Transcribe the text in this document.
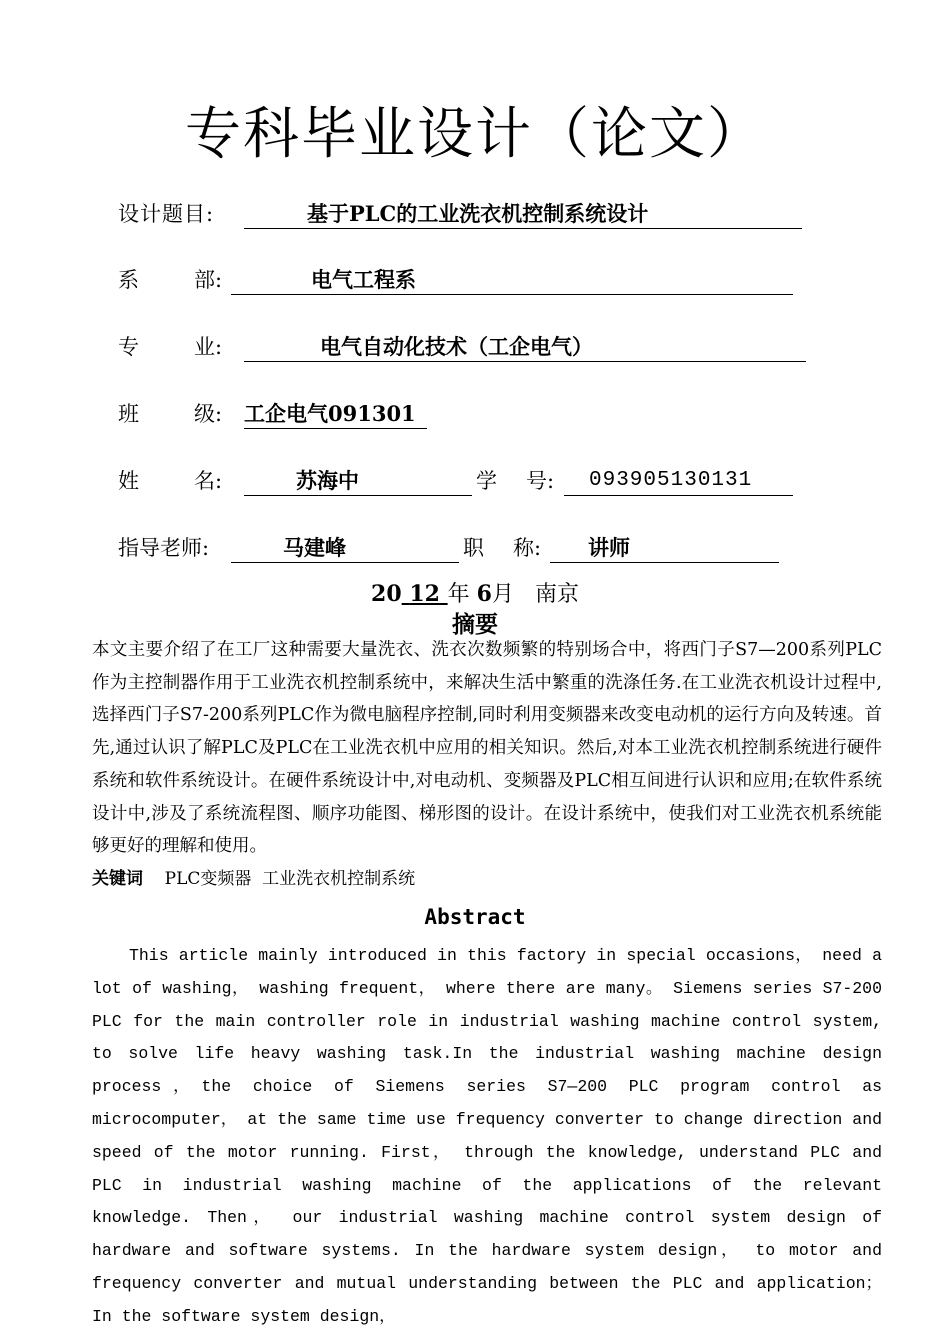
专科毕业设计（论文）
设计题目:	基于PLC的工业洗衣机控制系统设计
系	部:	电气工程系
专	业:	电气自动化技术（工企电气）
班	级: 工企电气091301
姓	名:	苏海中	学 号: 093905130131
指导老师:	马建峰	职 称: 讲师
20 12 年 6月 南京
摘要
本文主要介绍了在工厂这种需要大量洗衣、洗衣次数频繁的特别场合中，将西门子S7—200系列PLC作为主控制器作用于工业洗衣机控制系统中，来解决生活中繁重的洗涤任务.在工业洗衣机设计过程中,选择西门子S7-200系列PLC作为微电脑程序控制,同时利用变频器来改变电动机的运行方向及转速。首先,通过认识了解PLC及PLC在工业洗衣机中应用的相关知识。然后,对本工业洗衣机控制系统进行硬件系统和软件系统设计。在硬件系统设计中,对电动机、变频器及PLC相互间进行认识和应用;在软件系统设计中,涉及了系统流程图、顺序功能图、梯形图的设计。在设计系统中，使我们对工业洗衣机系统能够更好的理解和使用。
关键词 PLC变频器  工业洗衣机控制系统
Abstract
This article mainly introduced in this factory in special occasions， need a lot of washing， washing frequent， where there are many。 Siemens series S7-200 PLC for the main controller role in industrial washing machine control system, to solve life heavy washing task.In the industrial washing machine design process，the choice of Siemens series S7—200 PLC program control as microcomputer， at the same time use frequency converter to change direction and speed of the motor running. First， through the knowledge, understand PLC and PLC in industrial washing machine of the applications of the relevant knowledge. Then， our industrial washing machine control system design of hardware and software systems. In the hardware system design， to motor and frequency converter and mutual understanding between the PLC and application； In the software system design，
